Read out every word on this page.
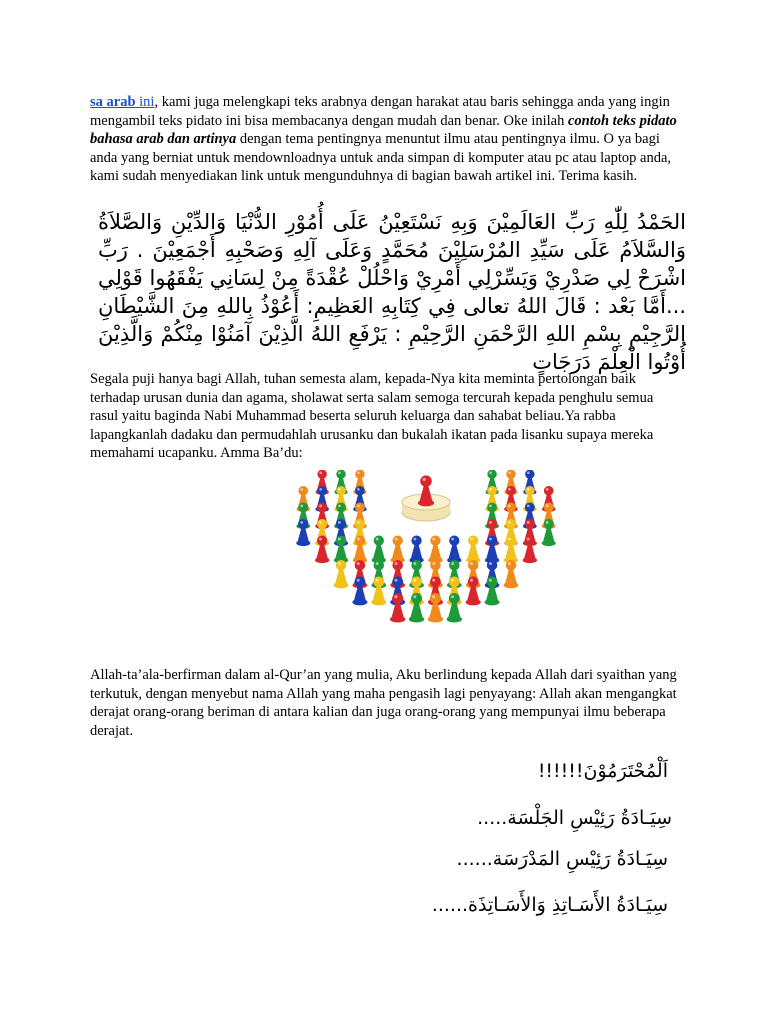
sa arab ini, kami juga melengkapi teks arabnya dengan harakat atau baris sehingga anda yang ingin mengambil teks pidato ini bisa membacanya dengan mudah dan benar. Oke inilah contoh teks pidato bahasa arab dan artinya dengan tema pentingnya menuntut ilmu atau pentingnya ilmu. O ya bagi anda yang berniat untuk mendownloadnya untuk anda simpan di komputer atau pc atau laptop anda, kami sudah menyediakan link untuk mengunduhnya di bagian bawah artikel ini. Terima kasih.

الحَمْدُ لِلّٰهِ رَبِّ العَالَمِيْنَ وَبِهِ نَسْتَعِيْنُ عَلَى أُمُوْرِ الدُّنْيَا وَالدِّيْنِ وَالصَّلاَةُ وَالسَّلاَمُ عَلَى سَيِّدِ المُرْسَلِيْنَ مُحَمَّدٍ وَعَلَى آلِهِ وَصَحْبِهِ أَجْمَعِيْنَ . رَبِّ اشْرَحْ لِي صَدْرِيْ وَيَسِّرْلِي أَمْرِيْ وَاحْلُلْ عُقْدَةً مِنْ لِسَانِي يَفْقَهُوا قَوْلِي ...أَمَّا بَعْد : قَالَ اللهُ تعالى فِي كِتَابِهِ العَظِيمِ: أَعُوْذُ بِاللهِ مِنَ الشَّيْطَانِ الرَّجِيْمِ بِسْمِ اللهِ الرَّحْمَنِ الرَّحِيْمِ : يَرْفَعِ اللهُ الَّذِيْنَ آمَنُوْا مِنْكُمْ وَالَّذِيْنَ أُوْتُوا الْعِلْمَ دَرَجَاتٍ

Segala puji hanya bagi Allah, tuhan semesta alam, kepada-Nya kita meminta pertolongan baik terhadap urusan dunia dan agama, sholawat serta salam semoga tercurah kepada penghulu semua rasul yaitu baginda Nabi Muhammad beserta seluruh keluarga dan sahabat beliau.Ya rabba lapangkanlah dadaku dan permudahlah urusanku dan bukalah ikatan pada lisanku supaya mereka memahami ucapanku. Amma Ba’du:

Allah-ta’ala-berfirman dalam al-Qur’an yang mulia, Aku berlindung kepada Allah dari syaithan yang terkutuk, dengan menyebut nama Allah yang maha pengasih lagi penyayang: Allah akan mengangkat derajat orang-orang beriman di antara kalian dan juga orang-orang yang mempunyai ilmu beberapa derajat.

اَلْمُحْتَرَمُوْنَ!!!!!!
سِيَـادَةُ رَئِيْسِ الجَلْسَة.....
سِيَـادَةُ رَئِيْسِ المَدْرَسَة......
سِيَـادَةُ الأَسَـاتِذِ وَالأَسَـاتِذَة......
